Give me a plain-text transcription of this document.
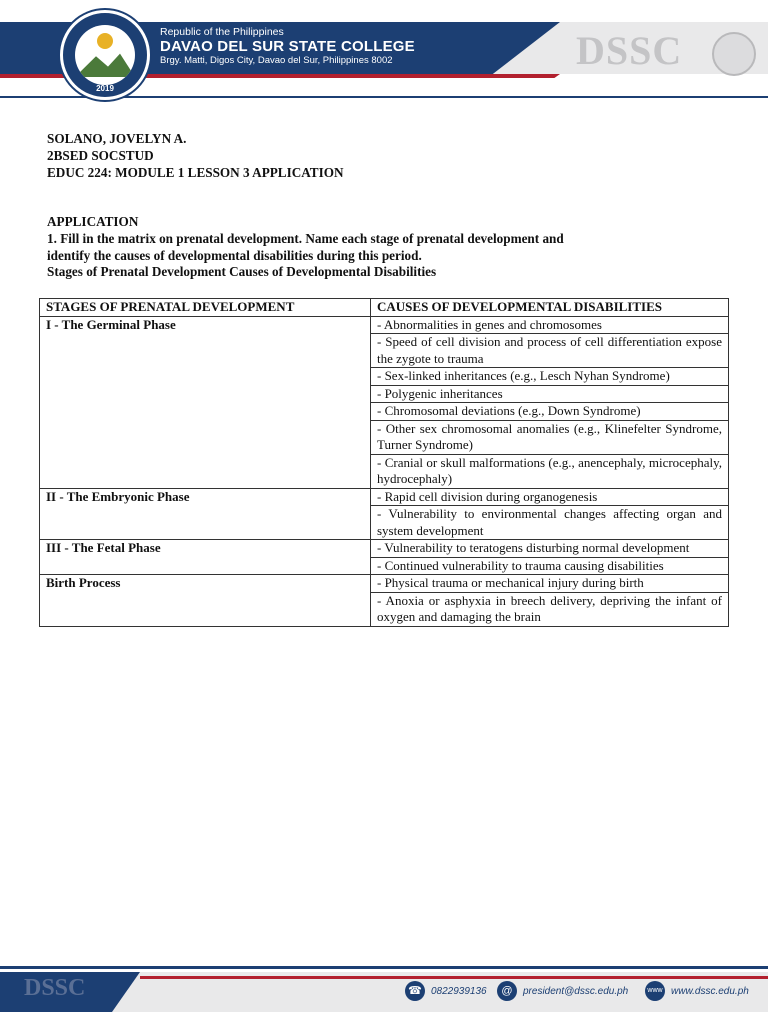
2019
Republic of the Philippines
DAVAO DEL SUR STATE COLLEGE
Brgy. Matti, Digos City, Davao del Sur, Philippines 8002	DSSC
SOLANO, JOVELYN A.
2BSED SOCSTUD
EDUC 224: MODULE 1 LESSON 3 APPLICATION
APPLICATION
1. Fill in the matrix on prenatal development. Name each stage of prenatal development and
identify the causes of developmental disabilities during this period.
Stages of Prenatal Development Causes of Developmental Disabilities
STAGES OF PRENATAL DEVELOPMENT	CAUSES OF DEVELOPMENTAL DISABILITIES
I - The Germinal Phase	- Abnormalities in genes and chromosomes
	- Speed of cell division and process of cell differentiation expose the zygote to trauma
	- Sex-linked inheritances (e.g., Lesch Nyhan Syndrome)
	- Polygenic inheritances
	- Chromosomal deviations (e.g., Down Syndrome)
	- Other sex chromosomal anomalies (e.g., Klinefelter Syndrome, Turner Syndrome)
	- Cranial or skull malformations (e.g., anencephaly, microcephaly, hydrocephaly)
II - The Embryonic Phase	- Rapid cell division during organogenesis
	- Vulnerability to environmental changes affecting organ and system development
III - The Fetal Phase	- Vulnerability to teratogens disturbing normal development
	- Continued vulnerability to trauma causing disabilities
Birth Process	- Physical trauma or mechanical injury during birth
	- Anoxia or asphyxia in breech delivery, depriving the infant of oxygen and damaging the brain
DSSC	☎ 0822939136	@ president@dssc.edu.ph	www www.dssc.edu.ph
